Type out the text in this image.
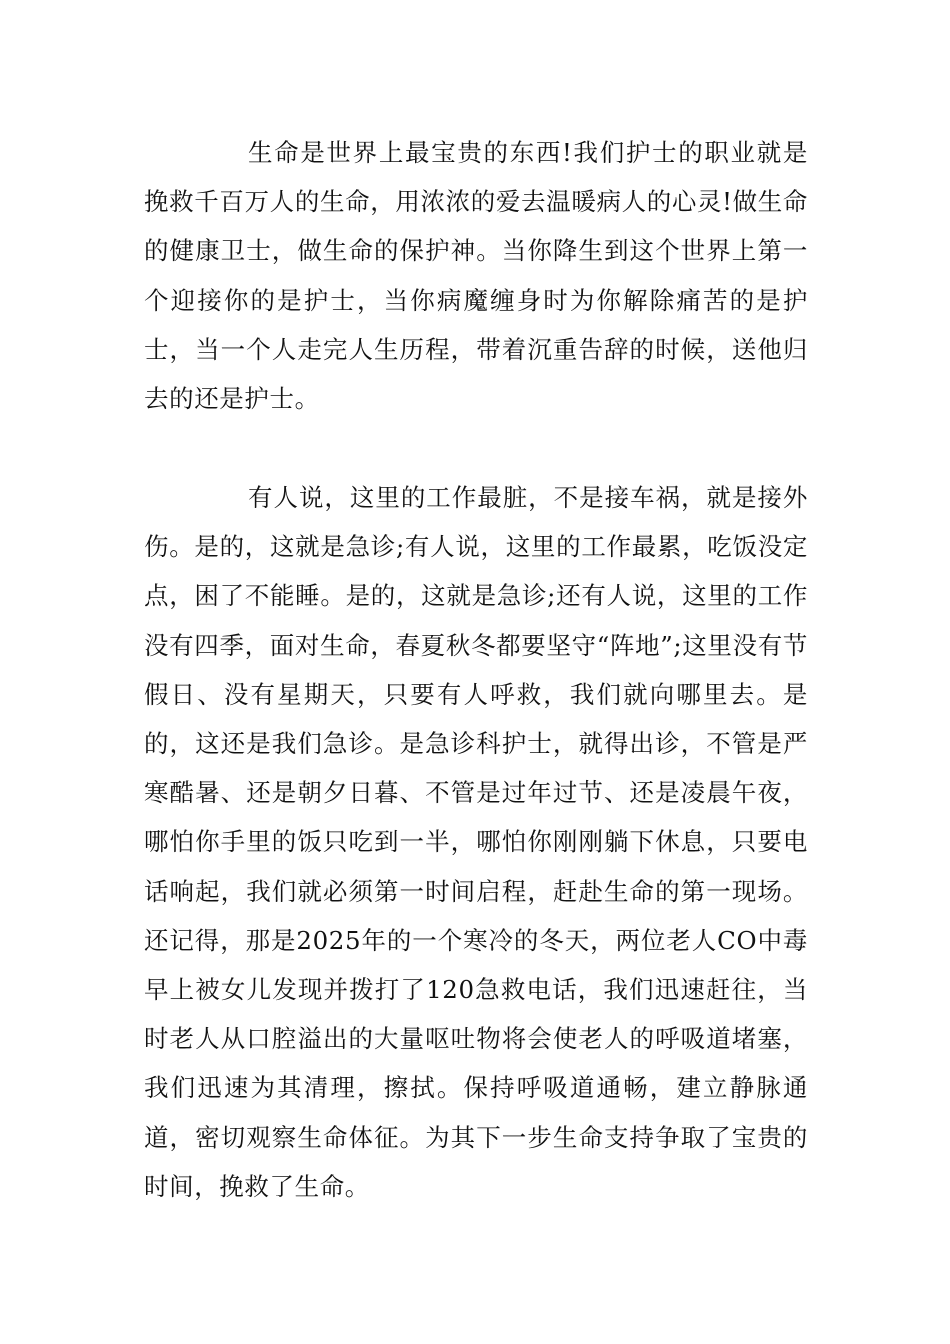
生命是世界上最宝贵的东西!我们护士的职业就是挽救千百万人的生命，用浓浓的爱去温暖病人的心灵!做生命的健康卫士，做生命的保护神。当你降生到这个世界上第一个迎接你的是护士，当你病魔缠身时为你解除痛苦的是护士，当一个人走完人生历程，带着沉重告辞的时候，送他归去的还是护士。

有人说，这里的工作最脏，不是接车祸，就是接外伤。是的，这就是急诊;有人说，这里的工作最累，吃饭没定点，困了不能睡。是的，这就是急诊;还有人说，这里的工作没有四季，面对生命，春夏秋冬都要坚守“阵地”;这里没有节假日、没有星期天，只要有人呼救，我们就向哪里去。是的，这还是我们急诊。是急诊科护士，就得出诊，不管是严寒酷暑、还是朝夕日暮、不管是过年过节、还是凌晨午夜，哪怕你手里的饭只吃到一半，哪怕你刚刚躺下休息，只要电话响起，我们就必须第一时间启程，赶赴生命的第一现场。还记得，那是2025年的一个寒冷的冬天，两位老人CO中毒早上被女儿发现并拨打了120急救电话，我们迅速赶往，当时老人从口腔溢出的大量呕吐物将会使老人的呼吸道堵塞，我们迅速为其清理，擦拭。保持呼吸道通畅，建立静脉通道，密切观察生命体征。为其下一步生命支持争取了宝贵的时间，挽救了生命。
